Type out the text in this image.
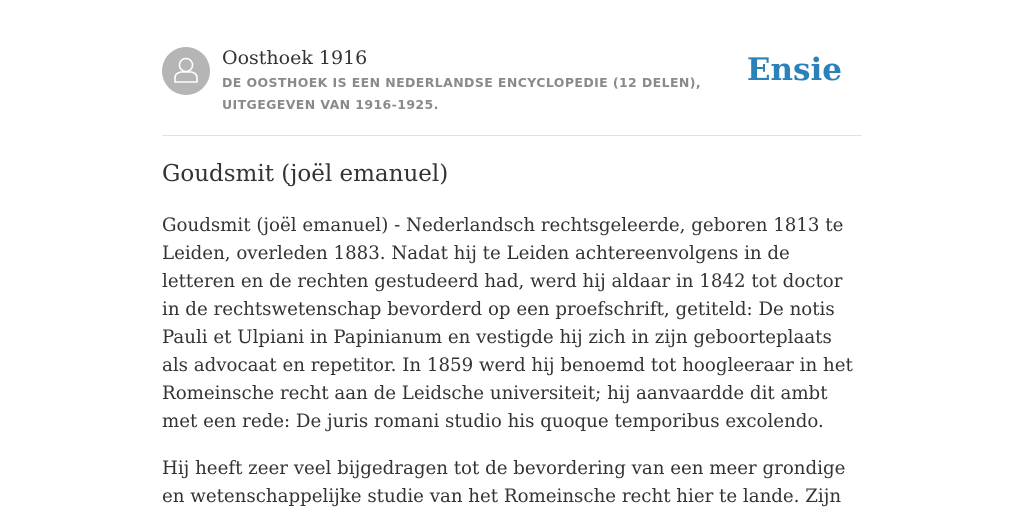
Oosthoek 1916
DE OOSTHOEK IS EEN NEDERLANDSE ENCYCLOPEDIE (12 DELEN), UITGEGEVEN VAN 1916-1925.
Ensie
Goudsmit (joël emanuel)

Goudsmit (joël emanuel) - Nederlandsch rechtsgeleerde, geboren 1813 te Leiden, overleden 1883. Nadat hij te Leiden achtereenvolgens in de letteren en de rechten gestudeerd had, werd hij aldaar in 1842 tot doctor in de rechtswetenschap bevorderd op een proefschrift, getiteld: De notis Pauli et Ulpiani in Papinianum en vestigde hij zich in zijn geboorteplaats als advocaat en repetitor. In 1859 werd hij benoemd tot hoogleeraar in het Romeinsche recht aan de Leidsche universiteit; hij aanvaardde dit ambt met een rede: De juris romani studio his quoque temporibus excolendo.

Hij heeft zeer veel bijgedragen tot de bevordering van een meer grondige en wetenschappelijke studie van het Romeinsche recht hier te lande. Zijn
